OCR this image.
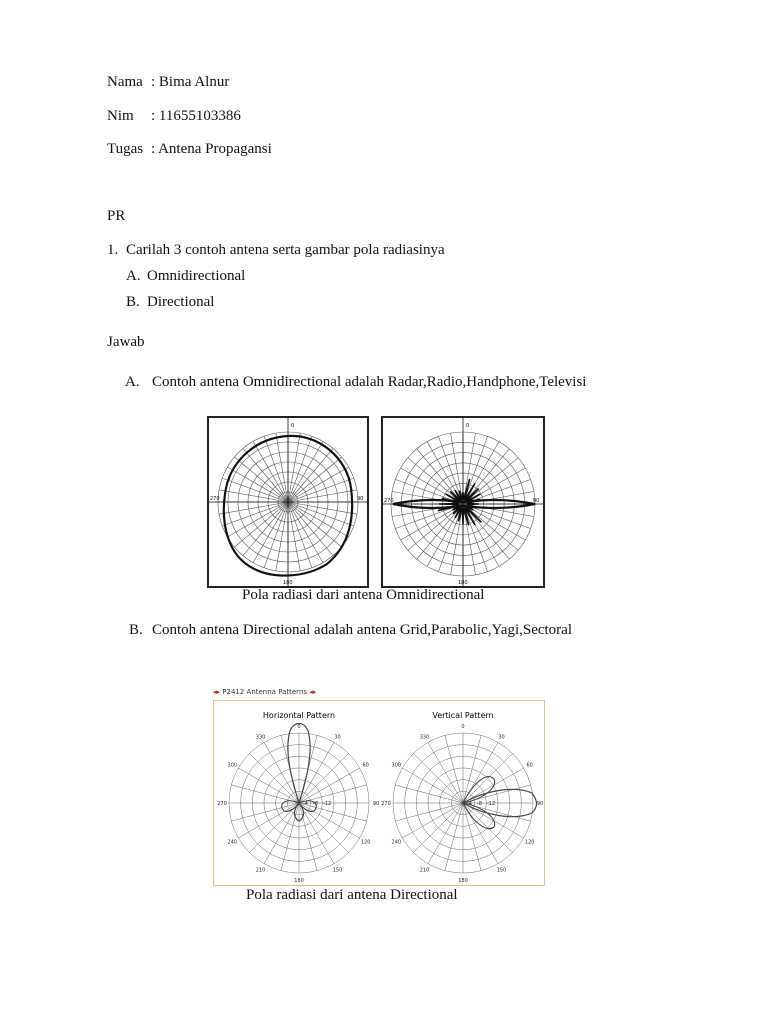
Nama : Bima Alnur
Nim : 11655103386
Tugas : Antena Propagansi
PR
1. Carilah 3 contoh antena serta gambar pola radiasinya
A. Omnidirectional
B. Directional
Jawab
A. Contoh antena Omnidirectional adalah Radar,Radio,Handphone,Televisi
0
180
270	90
0
180
270	90
Pola radiasi dari antena Omnidirectional
B. Contoh antena Directional adalah antena Grid,Parabolic,Yagi,Sectoral
◂▸ P2412 Antenna Patterns ◂▸
Horizontal Pattern	Vertical Pattern
0
30
60
90
120
150
180
210
240
270
300
330
-4 -8 -12
0
30
60
90
120
150
180
210
240
270
300
330
-4 -8 -12
Pola radiasi dari antena Directional
